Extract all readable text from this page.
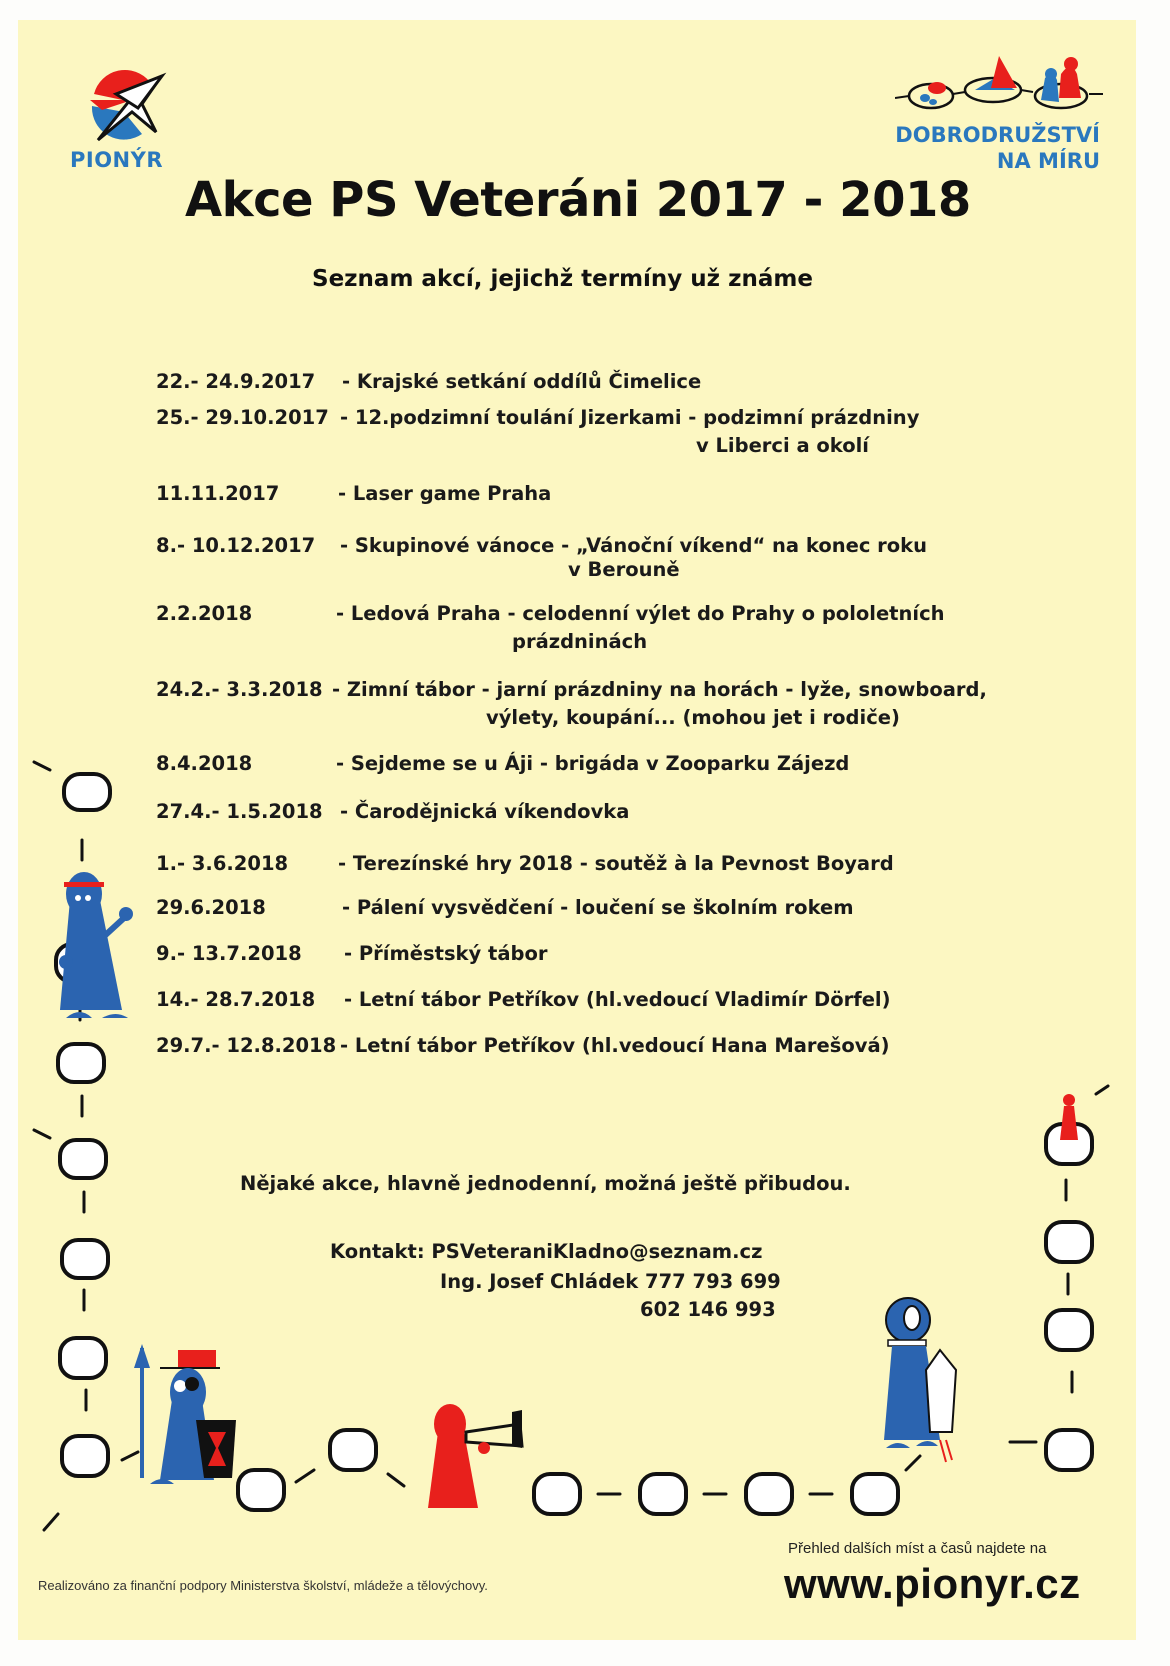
PIONÝR
DOBRODRUŽSTVÍ
NA MÍRU
Akce PS Veteráni 2017 - 2018
Seznam akcí, jejichž termíny už známe
22.- 24.9.2017 - Krajské setkání oddílů Čimelice
25.- 29.10.2017 - 12.podzimní toulání Jizerkami - podzimní prázdniny
v Liberci a okolí
11.11.2017	- Laser game Praha
8.- 10.12.2017 - Skupinové vánoce - „Vánoční víkend“ na konec roku
v Berouně
2.2.2018	- Ledová Praha - celodenní výlet do Prahy o pololetních
prázdninách
24.2.- 3.3.2018 - Zimní tábor - jarní prázdniny na horách - lyže, snowboard,
výlety, koupání... (mohou jet i rodiče)
8.4.2018	- Sejdeme se u Áji - brigáda v Zooparku Zájezd
27.4.- 1.5.2018 - Čarodějnická víkendovka
1.- 3.6.2018	- Terezínské hry 2018 - soutěž à la Pevnost Boyard
29.6.2018	- Pálení vysvědčení - loučení se školním rokem
9.- 13.7.2018 - Příměstský tábor
14.- 28.7.2018 - Letní tábor Petříkov (hl.vedoucí Vladimír Dörfel)
29.7.- 12.8.2018 - Letní tábor Petříkov (hl.vedoucí Hana Marešová)
Nějaké akce, hlavně jednodenní, možná ještě přibudou.
Kontakt: PSVeteraniKladno@seznam.cz
Ing. Josef Chládek 777 793 699
602 146 993
Realizováno za finanční podpory Ministerstva školství, mládeže a tělovýchovy.
Přehled dalších míst a časů najdete na
www.pionyr.cz
